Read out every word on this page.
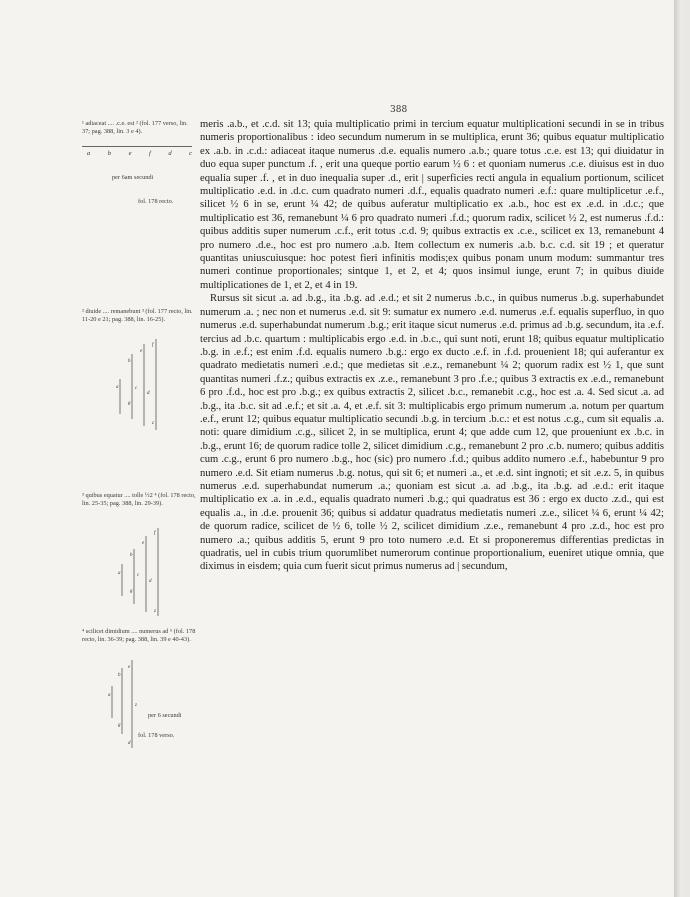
388

¹ adiaceat .... .c.e. est ² (fol. 177 verso, lin. 37; pag. 388, lin. 3 e 4).

a	b	e	f	d	c
per 6am secundi
fol. 178 recto.

² diuide .... remanebunt ³ (fol. 177 recto, lin. 11-20 e 21; pag. 388, lin. 16-25).

a
b
g
c
e
d
f
z

³ quibus equatur .... tolle ½2 ⁴ (fol. 178 recto, lin. 25-35; pag. 388, lin. 29-39).

a
b
g
c
e
d
f
z

⁴ scilicet dimidium .... numerus ad ⁵ (fol. 178 recto, lin. 36-39; pag. 388, lin. 39 e 40-43).

a
b
g
e
d
z
per 6 secundi
fol. 178 verso.

meris .a.b., et .c.d. sit 13; quia multiplicatio primi in tercium equatur multiplicationi secundi in se in tribus numeris proportionalibus : ideo secundum numerum in se multiplica, erunt 36; quibus equatur multiplicatio ex .a.b. in .c.d.: adiaceat itaque numerus .d.e. equalis numero .a.b.; quare totus .c.e. est 13; qui diuidatur in duo equa super punctum .f. , erit una queque portio earum ½ 6 : et quoniam numerus .c.e. diuisus est in duo equalia super .f. , et in duo inequalia super .d., erit | superficies recti angula in equalium portionum, scilicet multiplicatio .e.d. in .d.c. cum quadrato numeri .d.f., equalis quadrato numeri .e.f.: quare multiplicetur .e.f., silicet ½ 6 in se, erunt ¼ 42; de quibus auferatur multiplicatio ex .a.b., hoc est ex .e.d. in .d.c.; que multiplicatio est 36, remanebunt ¼ 6 pro quadrato numeri .f.d.; quorum radix, scilicet ½ 2, est numerus .f.d.: quibus additis super numerum .c.f., erit totus .c.d. 9; quibus extractis ex .c.e., scilicet ex 13, remanebunt 4 pro numero .d.e., hoc est pro numero .a.b. Item collectum ex numeris .a.b. b.c. c.d. sit 19 ; et queratur quantitas uniuscuiusque: hoc potest fieri infinitis modis;ex quibus ponam unum modum: summantur tres numeri continue proportionales; sintque 1, et 2, et 4; quos insimul iunge, erunt 7; in quibus diuide multiplicationes de 1, et 2, et 4 in 19.

Rursus sit sicut .a. ad .b.g., ita .b.g. ad .e.d.; et sit 2 numerus .b.c., in quibus numerus .b.g. superhabundet numerum .a. ; nec non et numerus .e.d. sit 9: sumatur ex numero .e.d. numerus .e.f. equalis superfluo, in quo numerus .e.d. superhabundat numerum .b.g.; erit itaque sicut numerus .e.d. primus ad .b.g. secundum, ita .e.f. tercius ad .b.c. quartum : multiplicabis ergo .e.d. in .b.c., qui sunt noti, erunt 18; quibus equatur multiplicatio .b.g. in .e.f.; est enim .f.d. equalis numero .b.g.: ergo ex ducto .e.f. in .f.d. prouenient 18; qui auferantur ex quadrato medietatis numeri .e.d.; que medietas sit .e.z., remanebunt ¼ 2; quorum radix est ½ 1, que sunt quantitas numeri .f.z.; quibus extractis ex .z.e., remanebunt 3 pro .f.e.; quibus 3 extractis ex .e.d., remanebunt 6 pro .f.d., hoc est pro .b.g.; ex quibus extractis 2, silicet .b.c., remanebit .c.g., hoc est .a. 4. Sed sicut .a. ad .b.g., ita .b.c. sit ad .e.f.; et sit .a. 4, et .e.f. sit 3: multiplicabis ergo primum numerum .a. notum per quartum .e.f., erunt 12; quibus equatur multiplicatio secundi .b.g. in tercium .b.c.: et est notus .c.g., cum sit equalis .a. noti: quare dimidium .c.g., silicet 2, in se multiplica, erunt 4; que adde cum 12, que proueniunt ex .b.c. in .b.g., erunt 16; de quorum radice tolle 2, silicet dimidium .c.g., remanebunt 2 pro .c.b. numero; quibus additis cum .c.g., erunt 6 pro numero .b.g., hoc (sic) pro numero .f.d.; quibus addito numero .e.f., habebuntur 9 pro numero .e.d. Sit etiam numerus .b.g. notus, qui sit 6; et numeri .a., et .e.d. sint ingnoti; et sit .e.z. 5, in quibus numerus .e.d. superhabundat numerum .a.; quoniam est sicut .a. ad .b.g., ita .b.g. ad .e.d.: erit itaque multiplicatio ex .a. in .e.d., equalis quadrato numeri .b.g.; qui quadratus est 36 : ergo ex ducto .z.d., qui est equalis .a., in .d.e. prouenit 36; quibus si addatur quadratus medietatis numeri .z.e., silicet ¼ 6, erunt ¼ 42; de quorum radice, scilicet de ½ 6, tolle ½ 2, scilicet dimidium .z.e., remanebunt 4 pro .z.d., hoc est pro numero .a.; quibus additis 5, erunt 9 pro toto numero .e.d. Et si proponeremus differentias predictas in quadratis, uel in cubis trium quorumlibet numerorum continue proportionalium, eueniret utique omnia, que diximus in eisdem; quia cum fuerit sicut primus numerus ad | secundum,
